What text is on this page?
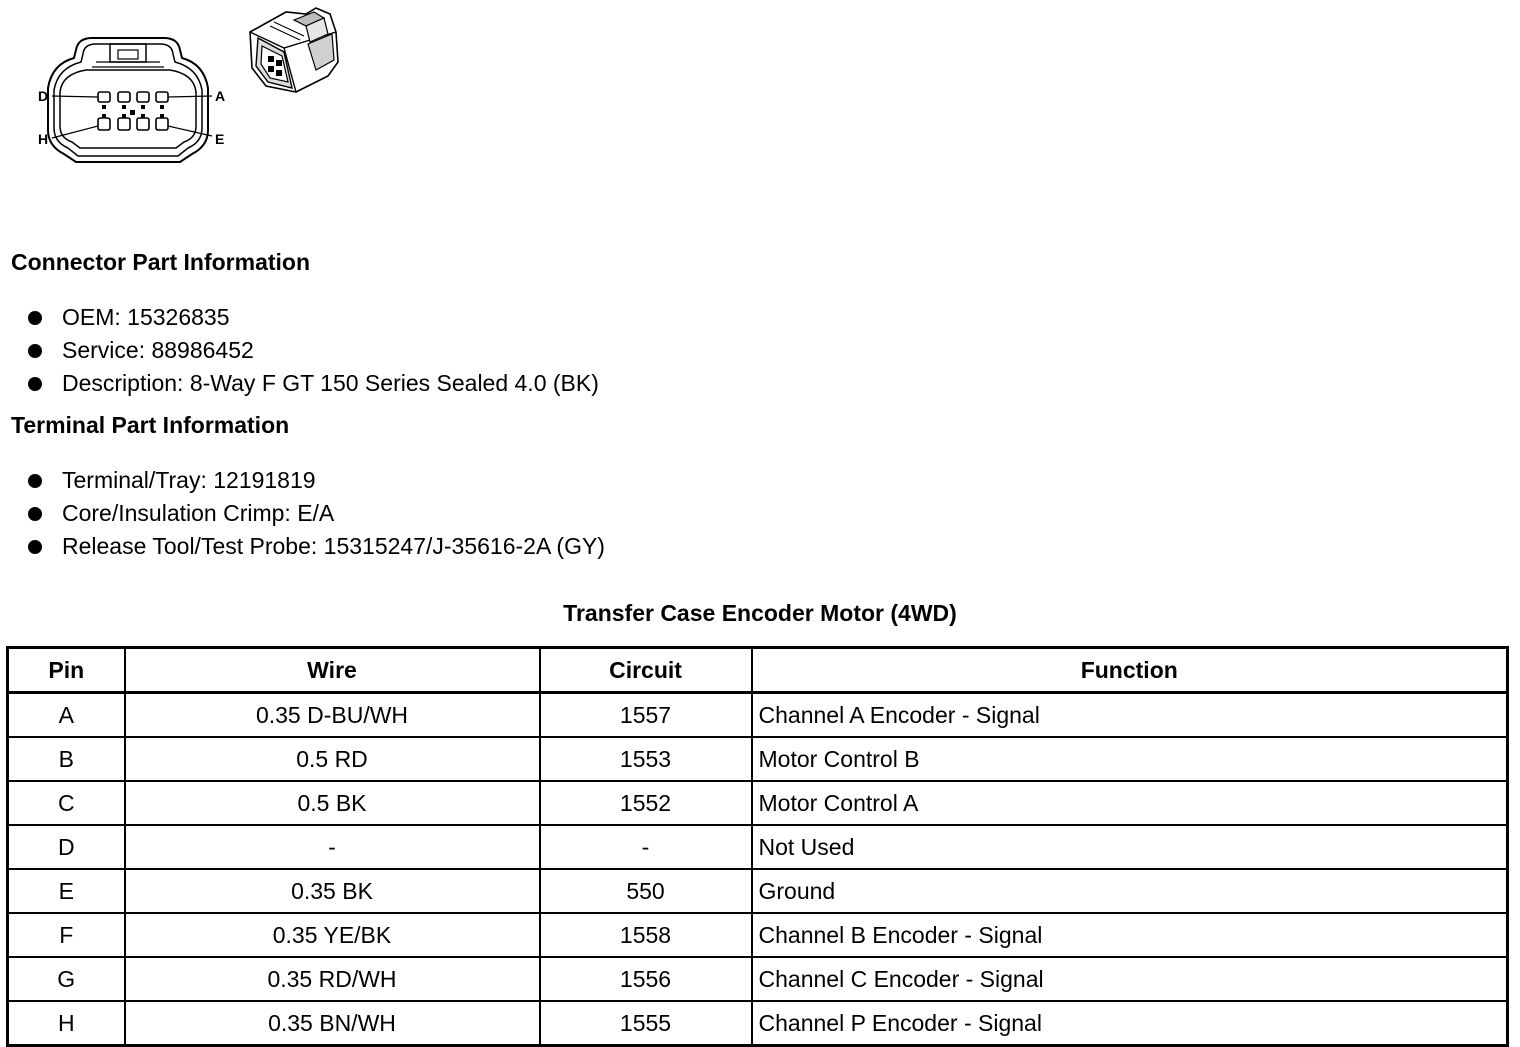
D	A
H	E
Connector Part Information
OEM: 15326835
Service: 88986452
Description: 8-Way F GT 150 Series Sealed 4.0 (BK)
Terminal Part Information
Terminal/Tray: 12191819
Core/Insulation Crimp: E/A
Release Tool/Test Probe: 15315247/J-35616-2A (GY)
Transfer Case Encoder Motor (4WD)
Pin	Wire	Circuit	Function
A	0.35 D-BU/WH	1557	Channel A Encoder - Signal
B	0.5 RD	1553	Motor Control B
C	0.5 BK	1552	Motor Control A
D	-	-	Not Used
E	0.35 BK	550	Ground
F	0.35 YE/BK	1558	Channel B Encoder - Signal
G	0.35 RD/WH	1556	Channel C Encoder - Signal
H	0.35 BN/WH	1555	Channel P Encoder - Signal
